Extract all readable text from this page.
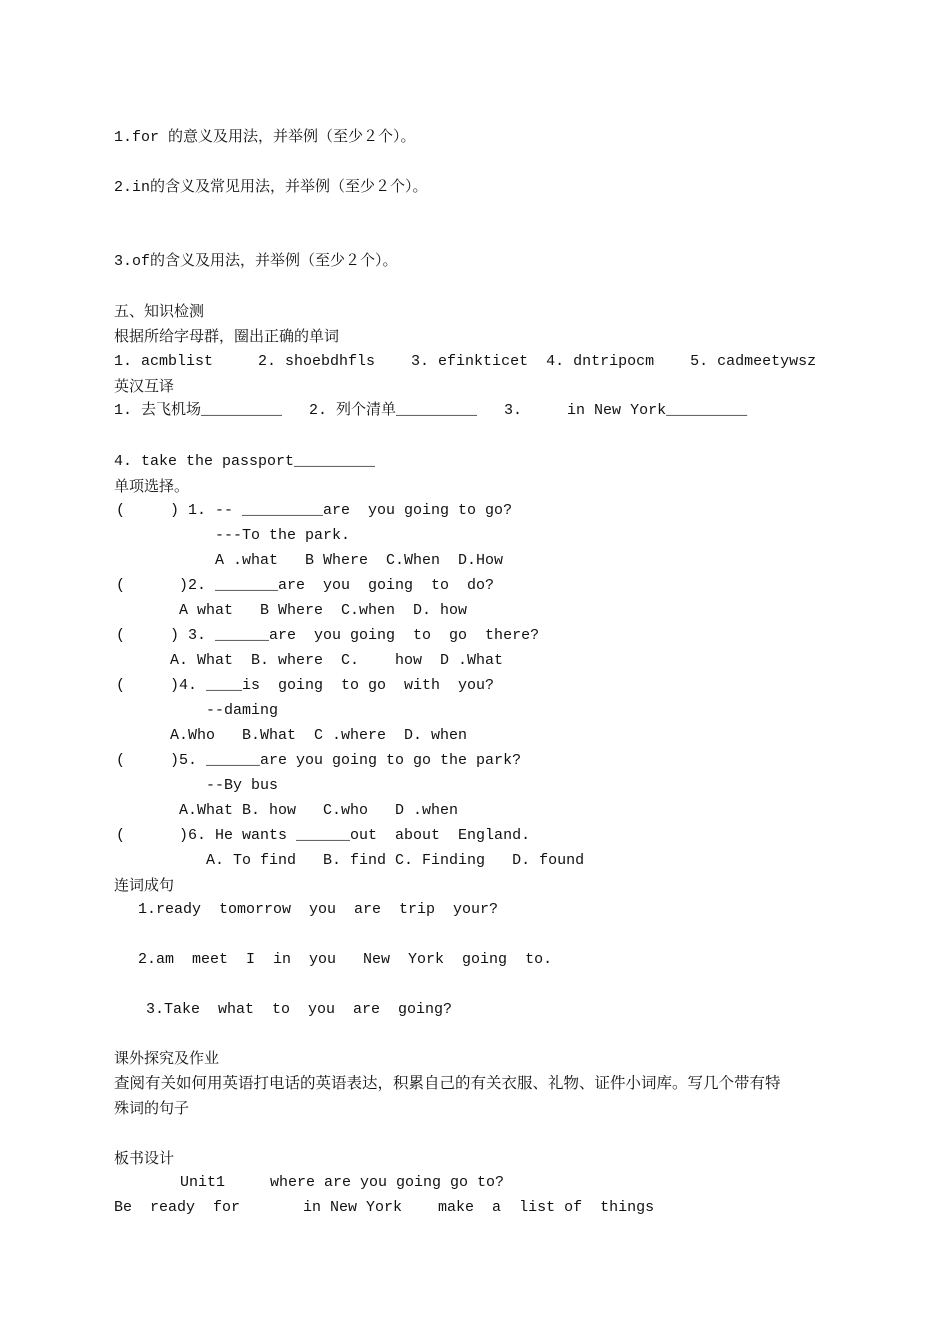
1.for 的意义及用法，并举例（至少２个）。
2.in的含义及常见用法，并举例（至少２个）。
3.of的含义及用法，并举例（至少２个）。
五、知识检测
根据所给字母群，圈出正确的单词
1. acmblist     2. shoebdhfls    3. efinkticet  4. dntripocm    5. cadmeetywsz
英汉互译
1. 去飞机场_________   2. 列个清单_________   3.     in New York_________
4. take the passport_________
单项选择。
(     ) 1. -- _________are  you going to go?
---To the park.
A .what   B Where  C.When  D.How
(      )2. _______are  you  going  to  do?
A what   B Where  C.when  D. how
(     ) 3. ______are  you going  to  go  there?
A. What  B. where  C.    how  D .What
(     )4. ____is  going  to go  with  you?
--daming
A.Who   B.What  C .where  D. when
(     )5. ______are you going to go the park?
--By bus
A.What B. how   C.who   D .when
(      )6. He wants ______out  about  England.
A. To find   B. find C. Finding   D. found
连词成句
1.ready  tomorrow  you  are  trip  your?
2.am  meet  I  in  you   New  York  going  to.
3.Take  what  to  you  are  going?
课外探究及作业
查阅有关如何用英语打电话的英语表达，积累自己的有关衣服、礼物、证件小词库。写几个带有特
殊词的句子
板书设计
Unit1     where are you going go to?
Be  ready  for       in New York    make  a  list of  things
